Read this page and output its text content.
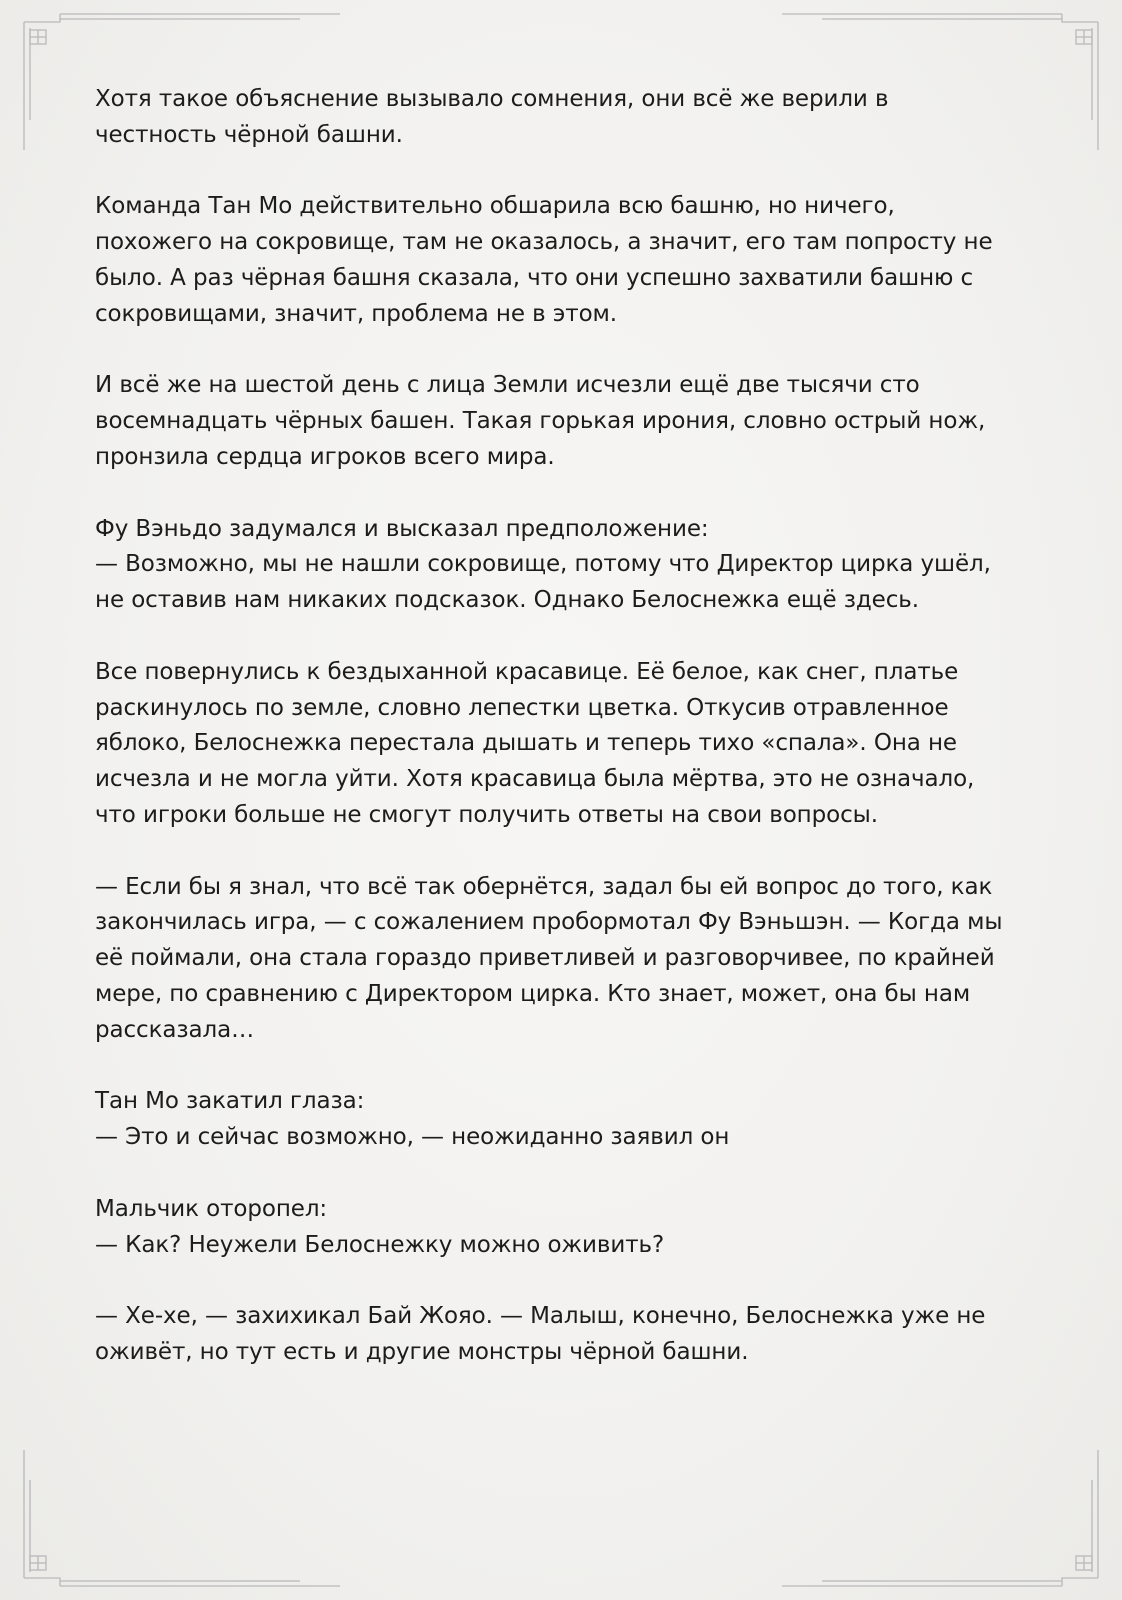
Хотя такое объяснение вызывало сомнения, они всё же верили в
честность чёрной башни.

Команда Тан Мо действительно обшарила всю башню, но ничего,
похожего на сокровище, там не оказалось, а значит, его там попросту не
было. А раз чёрная башня сказала, что они успешно захватили башню с
сокровищами, значит, проблема не в этом.

И всё же на шестой день с лица Земли исчезли ещё две тысячи сто
восемнадцать чёрных башен. Такая горькая ирония, словно острый нож,
пронзила сердца игроков всего мира.

Фу Вэньдо задумался и высказал предположение:
— Возможно, мы не нашли сокровище, потому что Директор цирка ушёл,
не оставив нам никаких подсказок. Однако Белоснежка ещё здесь.

Все повернулись к бездыханной красавице. Её белое, как снег, платье
раскинулось по земле, словно лепестки цветка. Откусив отравленное
яблоко, Белоснежка перестала дышать и теперь тихо «спала». Она не
исчезла и не могла уйти. Хотя красавица была мёртва, это не означало,
что игроки больше не смогут получить ответы на свои вопросы.

— Если бы я знал, что всё так обернётся, задал бы ей вопрос до того, как
закончилась игра, — с сожалением пробормотал Фу Вэньшэн. — Когда мы
её поймали, она стала гораздо приветливей и разговорчивее, по крайней
мере, по сравнению с Директором цирка. Кто знает, может, она бы нам
рассказала…

Тан Мо закатил глаза:
— Это и сейчас возможно, — неожиданно заявил он

Мальчик оторопел:
— Как? Неужели Белоснежку можно оживить?

— Хе-хе, — захихикал Бай Жояо. — Малыш, конечно, Белоснежка уже не
оживёт, но тут есть и другие монстры чёрной башни.
